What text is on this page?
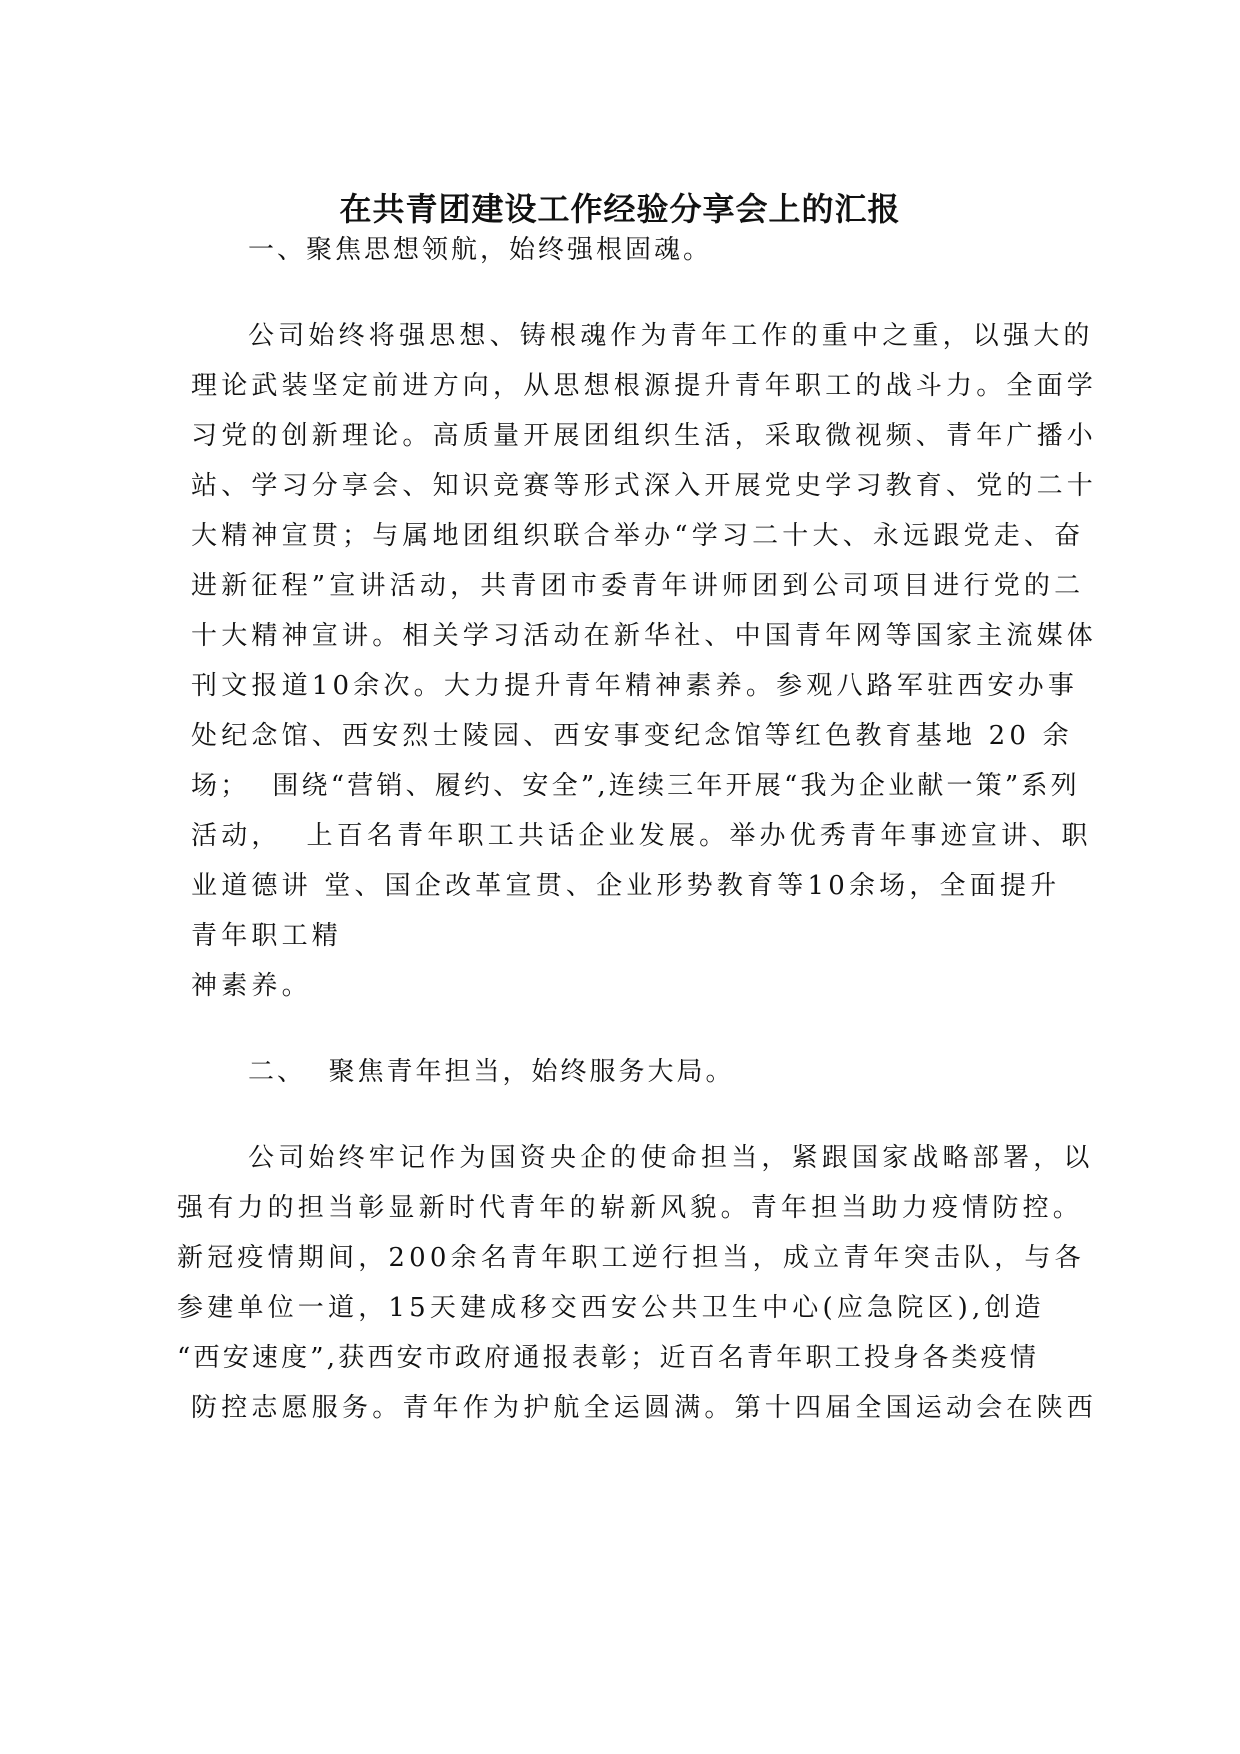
在共青团建设工作经验分享会上的汇报

一、聚焦思想领航，始终强根固魂。

公司始终将强思想、铸根魂作为青年工作的重中之重，以强大的

理论武装坚定前进方向，从思想根源提升青年职工的战斗力。全面学

习党的创新理论。高质量开展团组织生活，采取微视频、青年广播小

站、学习分享会、知识竞赛等形式深入开展党史学习教育、党的二十

大精神宣贯；与属地团组织联合举办“学习二十大、永远跟党走、奋

进新征程”宣讲活动，共青团市委青年讲师团到公司项目进行党的二

十大精神宣讲。相关学习活动在新华社、中国青年网等国家主流媒体

刊文报道10余次。大力提升青年精神素养。参观八路军驻西安办事

处纪念馆、西安烈士陵园、西安事变纪念馆等红色教育基地 20 余

场；  围绕“营销、履约、安全”,连续三年开展“我为企业献一策”系列

活动，  上百名青年职工共话企业发展。举办优秀青年事迹宣讲、职

业道德讲 堂、国企改革宣贯、企业形势教育等10余场，全面提升

青年职工精

神素养。

二、  聚焦青年担当，始终服务大局。

公司始终牢记作为国资央企的使命担当，紧跟国家战略部署，以

强有力的担当彰显新时代青年的崭新风貌。青年担当助力疫情防控。

新冠疫情期间，200余名青年职工逆行担当，成立青年突击队，与各

参建单位一道，15天建成移交西安公共卫生中心(应急院区),创造

“西安速度”,获西安市政府通报表彰；近百名青年职工投身各类疫情

防控志愿服务。青年作为护航全运圆满。第十四届全国运动会在陕西
